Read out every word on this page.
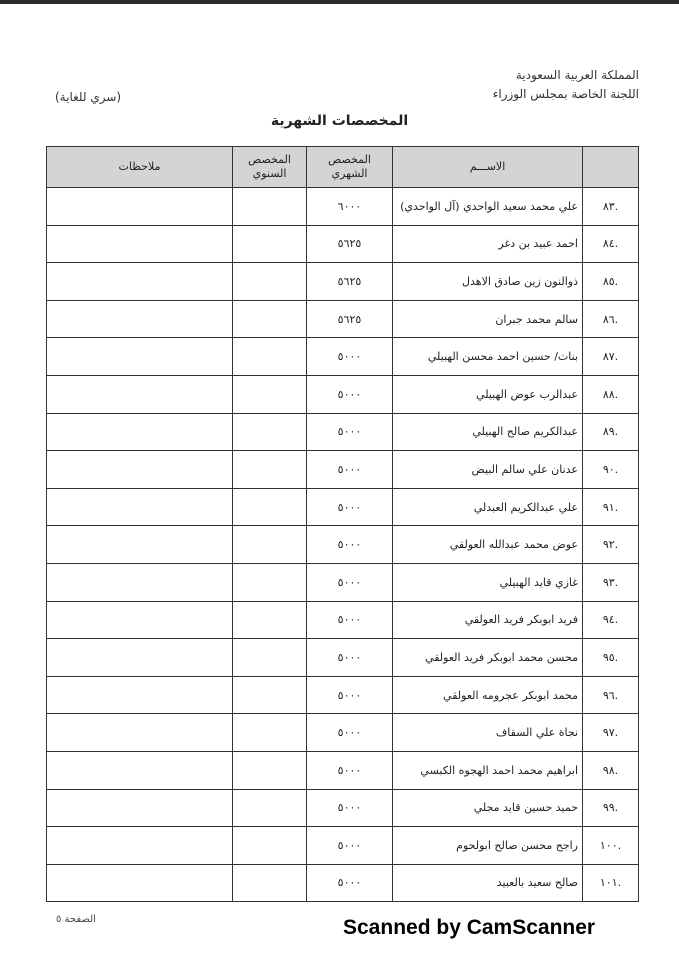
المملكة العربية السعودية
اللجنة الخاصة بمجلس الوزراء
(سري للغاية)
المخصصات الشهرية
	الاســـم	المخصص الشهري	المخصص السنوي	ملاحظات
.٨٣	علي محمد سعيد الواحدي (آل الواحدي)	٦٠٠٠		
.٨٤	احمد عبيد بن دغر	٥٦٢٥		
.٨٥	ذوالنون زين صادق الاهدل	٥٦٢٥		
.٨٦	سالم محمد جبران	٥٦٢٥		
.٨٧	بنات/ حسين احمد محسن الهبيلي	٥٠٠٠		
.٨٨	عبدالرب عوض الهبيلي	٥٠٠٠		
.٨٩	عبدالكريم صالح الهبيلي	٥٠٠٠		
.٩٠	عدنان علي سالم البيض	٥٠٠٠		
.٩١	علي عبدالكريم العبدلي	٥٠٠٠		
.٩٢	عوض محمد عبدالله العولقي	٥٠٠٠		
.٩٣	غازي قايد الهبيلي	٥٠٠٠		
.٩٤	فريد ابوبكر فريد العولقي	٥٠٠٠		
.٩٥	محسن محمد ابوبكر فريد العولقي	٥٠٠٠		
.٩٦	محمد ابوبكر عجرومه العولقي	٥٠٠٠		
.٩٧	نجاة علي السقاف	٥٠٠٠		
.٩٨	ابراهيم محمد احمد الهجوه الكبسي	٥٠٠٠		
.٩٩	حميد حسين قايد مجلي	٥٠٠٠		
.١٠٠	راجح محسن صالح ابولحوم	٥٠٠٠		
.١٠١	صالح سعيد بالعبيد	٥٠٠٠		
الصفحة ٥	Scanned by CamScanner
